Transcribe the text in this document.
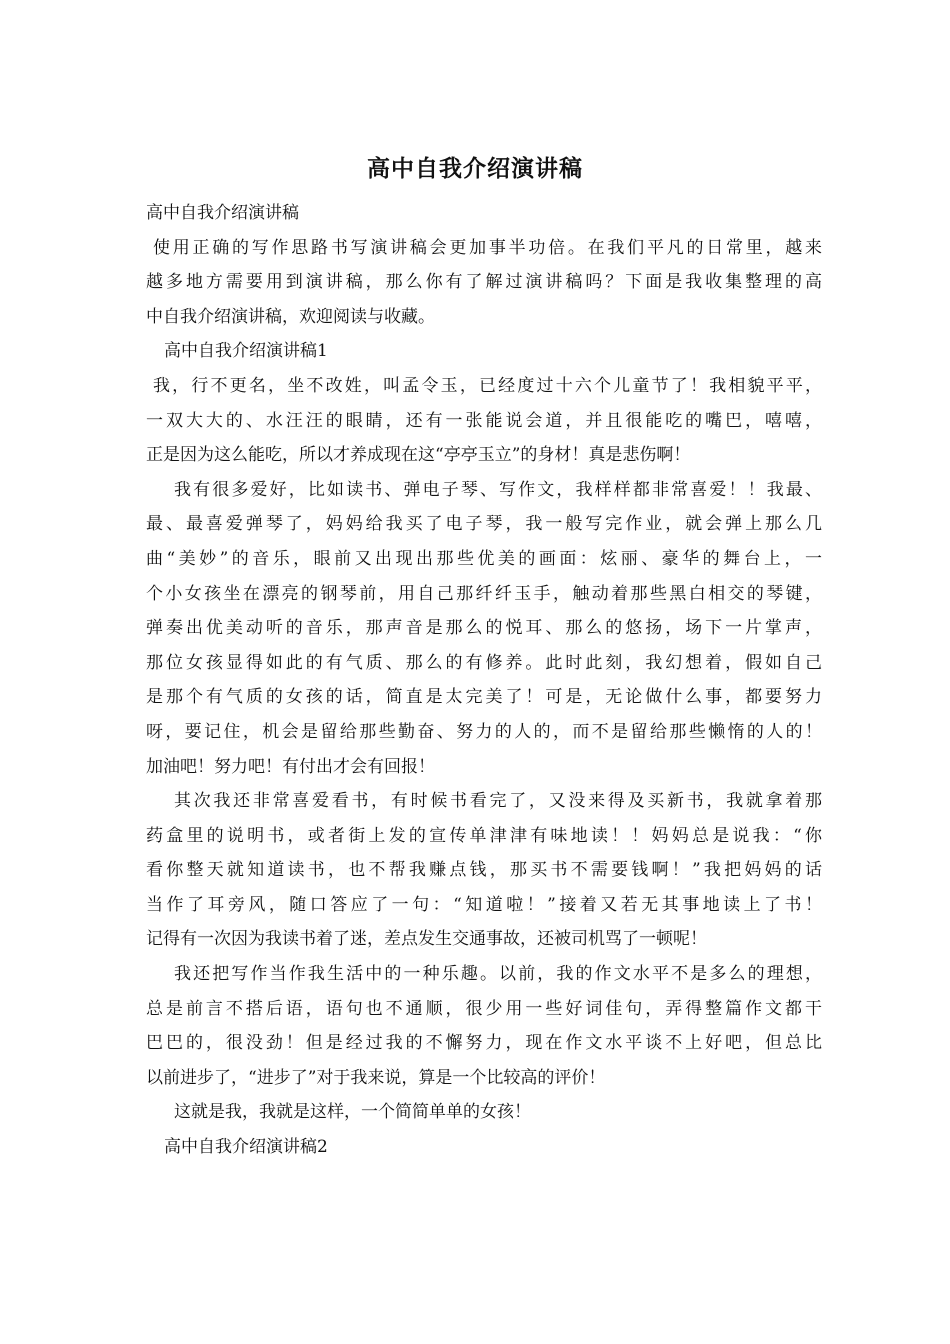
高中自我介绍演讲稿
高中自我介绍演讲稿
使用正确的写作思路书写演讲稿会更加事半功倍。在我们平凡的日常里，越来
越多地方需要用到演讲稿，那么你有了解过演讲稿吗？下面是我收集整理的高
中自我介绍演讲稿，欢迎阅读与收藏。
高中自我介绍演讲稿1
我，行不更名，坐不改姓，叫孟令玉，已经度过十六个儿童节了！我相貌平平，
一双大大的、水汪汪的眼睛，还有一张能说会道，并且很能吃的嘴巴，嘻嘻，
正是因为这么能吃，所以才养成现在这“亭亭玉立”的身材！真是悲伤啊！
我有很多爱好，比如读书、弹电子琴、写作文，我样样都非常喜爱！！我最、
最、最喜爱弹琴了，妈妈给我买了电子琴，我一般写完作业，就会弹上那么几
曲“美妙”的音乐，眼前又出现出那些优美的画面：炫丽、豪华的舞台上，一
个小女孩坐在漂亮的钢琴前，用自己那纤纤玉手，触动着那些黑白相交的琴键，
弹奏出优美动听的音乐，那声音是那么的悦耳、那么的悠扬，场下一片掌声，
那位女孩显得如此的有气质、那么的有修养。此时此刻，我幻想着，假如自己
是那个有气质的女孩的话，简直是太完美了！可是，无论做什么事，都要努力
呀，要记住，机会是留给那些勤奋、努力的人的，而不是留给那些懒惰的人的！
加油吧！努力吧！有付出才会有回报！
其次我还非常喜爱看书，有时候书看完了，又没来得及买新书，我就拿着那
药盒里的说明书，或者街上发的宣传单津津有味地读！！妈妈总是说我：“你
看你整天就知道读书，也不帮我赚点钱，那买书不需要钱啊！”我把妈妈的话
当作了耳旁风，随口答应了一句：“知道啦！”接着又若无其事地读上了书！
记得有一次因为我读书着了迷，差点发生交通事故，还被司机骂了一顿呢！
我还把写作当作我生活中的一种乐趣。以前，我的作文水平不是多么的理想，
总是前言不搭后语，语句也不通顺，很少用一些好词佳句，弄得整篇作文都干
巴巴的，很没劲！但是经过我的不懈努力，现在作文水平谈不上好吧，但总比
以前进步了，“进步了”对于我来说，算是一个比较高的评价！
这就是我，我就是这样，一个简简单单的女孩！
高中自我介绍演讲稿2
